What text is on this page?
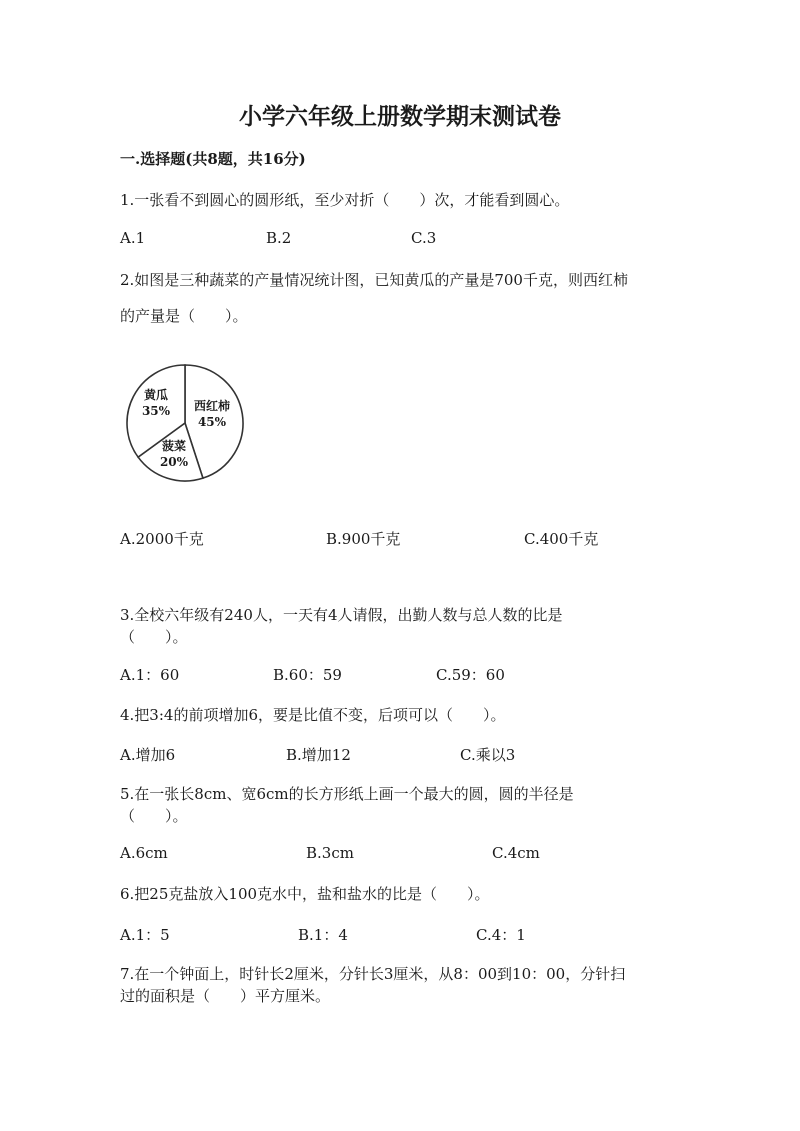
小学六年级上册数学期末测试卷
一.选择题(共8题，共16分)
1.一张看不到圆心的圆形纸，至少对折（　　）次，才能看到圆心。
A.1	B.2	C.3
2.如图是三种蔬菜的产量情况统计图，已知黄瓜的产量是700千克，则西红柿
的产量是（　　）。
西红柿
45%
菠菜
20%
黄瓜
35%
A.2000千克	B.900千克	C.400千克
3.全校六年级有240人，一天有4人请假，出勤人数与总人数的比是
（　　）。
A.1：60	B.60：59	C.59：60
4.把3:4的前项增加6，要是比值不变，后项可以（　　）。
A.增加6	B.增加12	C.乘以3
5.在一张长8cm、宽6cm的长方形纸上画一个最大的圆，圆的半径是
（　　）。
A.6cm	B.3cm	C.4cm
6.把25克盐放入100克水中，盐和盐水的比是（　　）。
A.1：5	B.1：4	C.4：1
7.在一个钟面上，时针长2厘米，分针长3厘米，从8：00到10：00，分针扫
过的面积是（　　）平方厘米。
